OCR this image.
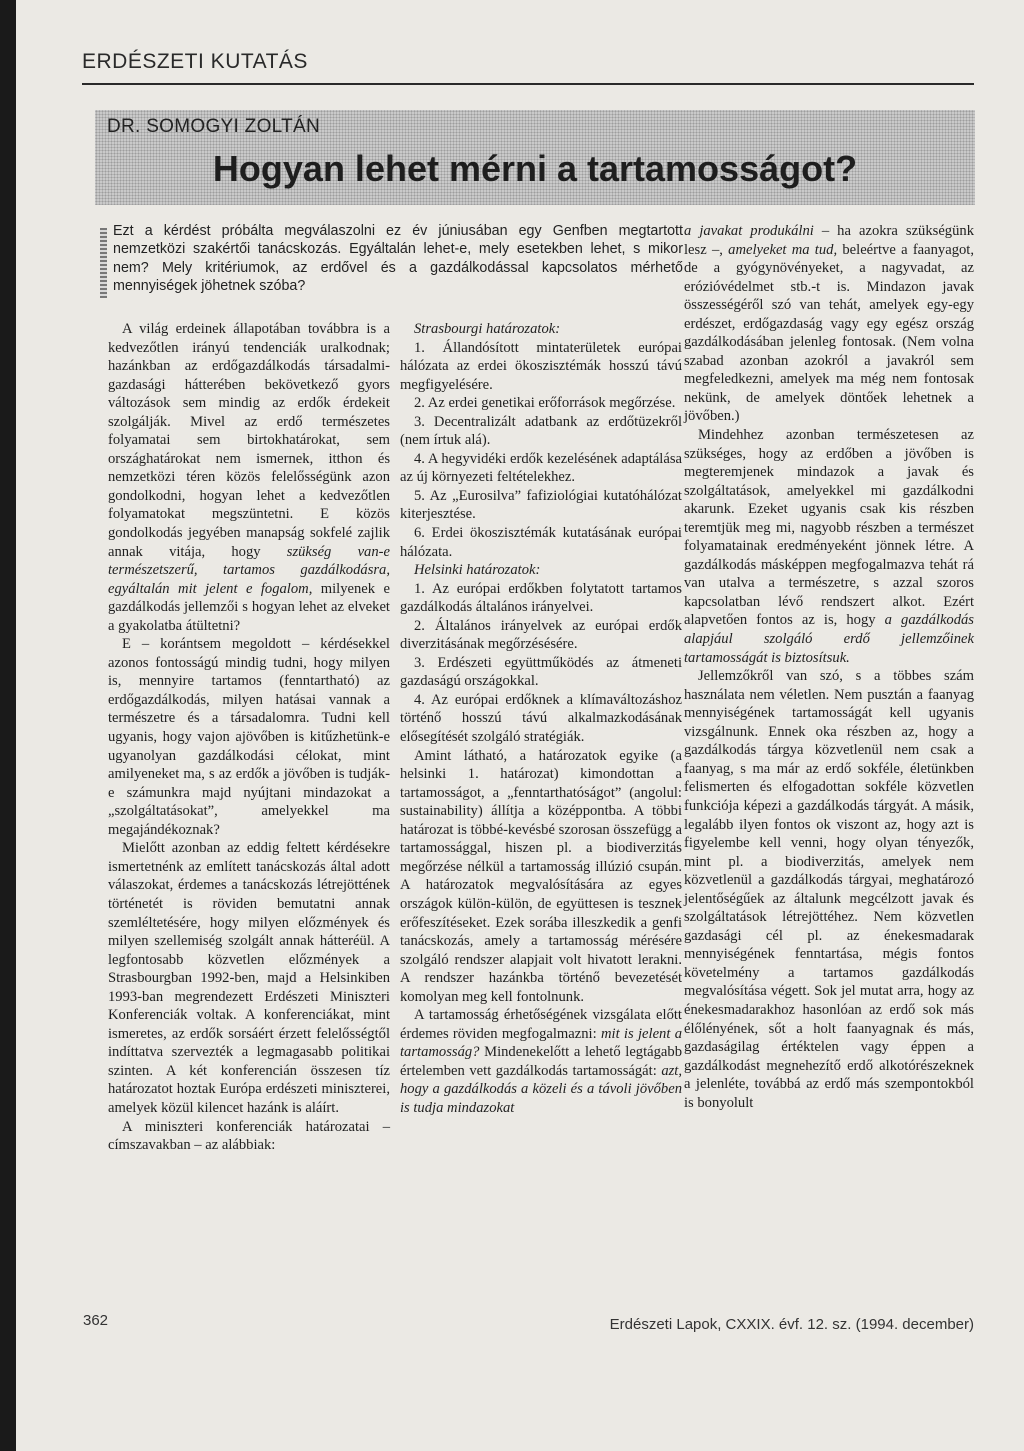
ERDÉSZETI KUTATÁS
DR. SOMOGYI ZOLTÁN
Hogyan lehet mérni a tartamosságot?

Ezt a kérdést próbálta megválaszolni ez év júniusában egy Genfben megtartott nemzetközi szakértői tanácskozás. Egyáltalán lehet-e, mely esetekben lehet, s mikor nem? Mely kritériumok, az erdővel és a gazdálkodással kapcsolatos mérhető mennyiségek jöhetnek szóba?

A világ erdeinek állapotában továbbra is a kedvezőtlen irányú tendenciák uralkodnak; hazánkban az erdőgazdálkodás társadalmi-gazdasági hátterében bekövetkező gyors változások sem mindig az erdők érdekeit szolgálják. Mivel az erdő természetes folyamatai sem birtokhatárokat, sem országhatárokat nem ismernek, itthon és nemzetközi téren közös felelősségünk azon gondolkodni, hogyan lehet a kedvezőtlen folyamatokat megszüntetni. E közös gondolkodás jegyében manapság sokfelé zajlik annak vitája, hogy szükség van-e természetszerű, tartamos gazdálkodásra, egyáltalán mit jelent e fogalom, milyenek e gazdálkodás jellemzői s hogyan lehet az elveket a gyakolatba átültetni?

E – korántsem megoldott – kérdésekkel azonos fontosságú mindig tudni, hogy milyen is, mennyire tartamos (fenntartható) az erdőgazdálkodás, milyen hatásai vannak a természetre és a társadalomra. Tudni kell ugyanis, hogy vajon ajövőben is kitűzhetünk-e ugyanolyan gazdálkodási célokat, mint amilyeneket ma, s az erdők a jövőben is tudják-e számunkra majd nyújtani mindazokat a „szolgáltatásokat”, amelyekkel ma megajándékoznak?

Mielőtt azonban az eddig feltett kérdésekre ismertetnénk az említett tanácskozás által adott válaszokat, érdemes a tanácskozás létrejöttének történetét is röviden bemutatni annak szemléltetésére, hogy milyen előzmények és milyen szellemiség szolgált annak hátteréül. A legfontosabb közvetlen előzmények a Strasbourgban 1992-ben, majd a Helsinkiben 1993-ban megrendezett Erdészeti Miniszteri Konferenciák voltak. A konferenciákat, mint ismeretes, az erdők sorsáért érzett felelősségtől indíttatva szervezték a legmagasabb politikai szinten. A két konferencián összesen tíz határozatot hoztak Európa erdészeti miniszterei, amelyek közül kilencet hazánk is aláírt.

A miniszteri konferenciák határozatai – címszavakban – az alábbiak:

Strasbourgi határozatok:

1. Állandósított mintaterületek európai hálózata az erdei ökoszisztémák hosszú távú megfigyelésére.

2. Az erdei genetikai erőforrások megőrzése.

3. Decentralizált adatbank az erdőtüzekről (nem írtuk alá).

4. A hegyvidéki erdők kezelésének adaptálása az új környezeti feltételekhez.

5. Az „Eurosilva” fafiziológiai kutatóhálózat kiterjesztése.

6. Erdei ökoszisztémák kutatásának európai hálózata.

Helsinki határozatok:

1. Az európai erdőkben folytatott tartamos gazdálkodás általános irányelvei.

2. Általános irányelvek az európai erdők diverzitásának megőrzésésére.

3. Erdészeti együttműködés az átmeneti gazdaságú országokkal.

4. Az európai erdőknek a klímaváltozáshoz történő hosszú távú alkalmazkodásának elősegítését szolgáló stratégiák.

Amint látható, a határozatok egyike (a helsinki 1. határozat) kimondottan a tartamosságot, a „fenntarthatóságot” (angolul: sustainability) állítja a középpontba. A többi határozat is többé-kevésbé szorosan összefügg a tartamossággal, hiszen pl. a biodiverzitás megőrzése nélkül a tartamosság illúzió csupán. A határozatok megvalósítására az egyes országok külön-külön, de együttesen is tesznek erőfeszítéseket. Ezek sorába illeszkedik a genfi tanácskozás, amely a tartamosság mérésére szolgáló rendszer alapjait volt hivatott lerakni. A rendszer hazánkba történő bevezetését komolyan meg kell fontolnunk.

A tartamosság érhetőségének vizsgálata előtt érdemes röviden megfogalmazni: mit is jelent a tartamosság? Mindenekelőtt a lehető legtágabb értelemben vett gazdálkodás tartamosságát: azt, hogy a gazdálkodás a közeli és a távoli jövőben is tudja mindazokat

a javakat produkálni – ha azokra szükségünk lesz –, amelyeket ma tud, beleértve a faanyagot, de a gyógynövényeket, a nagyvadat, az erózióvédelmet stb.-t is. Mindazon javak összességéről szó van tehát, amelyek egy-egy erdészet, erdőgazdaság vagy egy egész ország gazdálkodásában jelenleg fontosak. (Nem volna szabad azonban azokról a javakról sem megfeledkezni, amelyek ma még nem fontosak nekünk, de amelyek döntőek lehetnek a jövőben.)

Mindehhez azonban természetesen az szükséges, hogy az erdőben a jövőben is megteremjenek mindazok a javak és szolgáltatások, amelyekkel mi gazdálkodni akarunk. Ezeket ugyanis csak kis részben teremtjük meg mi, nagyobb részben a természet folyamatainak eredményeként jönnek létre. A gazdálkodás másképpen megfogalmazva tehát rá van utalva a természetre, s azzal szoros kapcsolatban lévő rendszert alkot. Ezért alapvetően fontos az is, hogy a gazdálkodás alapjául szolgáló erdő jellemzőinek tartamosságát is biztosítsuk.

Jellemzőkről van szó, s a többes szám használata nem véletlen. Nem pusztán a faanyag mennyiségének tartamosságát kell ugyanis vizsgálnunk. Ennek oka részben az, hogy a gazdálkodás tárgya közvetlenül nem csak a faanyag, s ma már az erdő sokféle, életünkben felismerten és elfogadottan sokféle közvetlen funkciója képezi a gazdálkodás tárgyát. A másik, legalább ilyen fontos ok viszont az, hogy azt is figyelembe kell venni, hogy olyan tényezők, mint pl. a biodiverzitás, amelyek nem közvetlenül a gazdálkodás tárgyai, meghatározó jelentőségűek az általunk megcélzott javak és szolgáltatások létrejöttéhez. Nem közvetlen gazdasági cél pl. az énekesmadarak mennyiségének fenntartása, mégis fontos követelmény a tartamos gazdálkodás megvalósítása végett. Sok jel mutat arra, hogy az énekesmadarakhoz hasonlóan az erdő sok más élőlényének, sőt a holt faanyagnak és más, gazdaságilag értéktelen vagy éppen a gazdálkodást megnehezítő erdő alkotórészeknek a jelenléte, továbbá az erdő más szempontokból is bonyolult

362	Erdészeti Lapok, CXXIX. évf. 12. sz. (1994. december)
